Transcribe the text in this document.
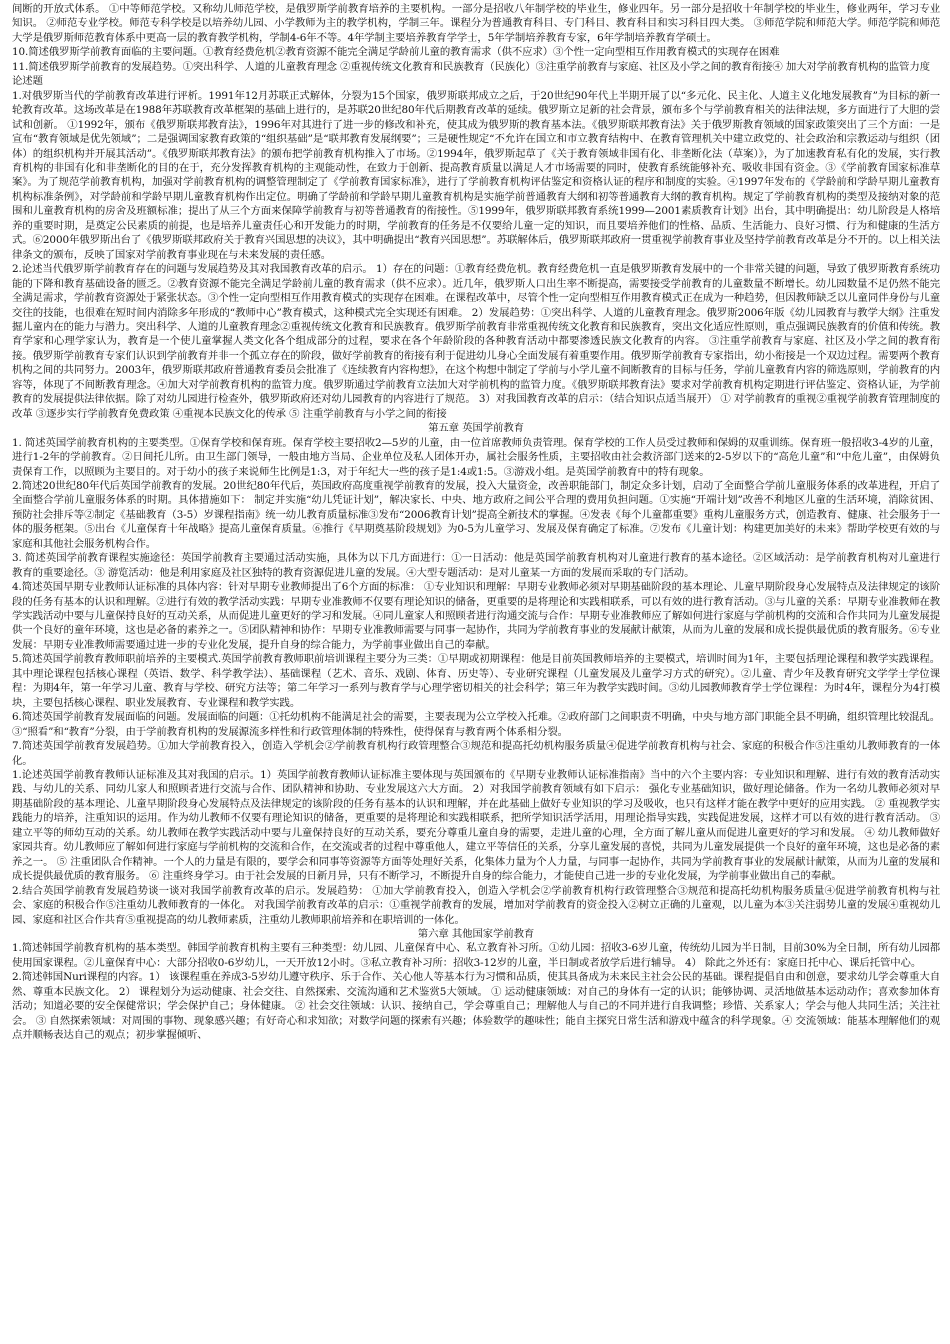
间断的开放式体系。 ①中等师范学校。又称幼儿师范学校，是俄罗斯学前教育培养的主要机构。一部分是招收八年制学校的毕业生，修业四年。另一部分是招收十年制学校的毕业生，修业两年，学习专业知识。 ②师范专业学校。师范专科学校是以培养幼儿园、小学教师为主的教学机构，学制三年。课程分为普通教育科目、专门科目、教育科目和实习科目四大类。 ③师范学院和师范大学。师范学院和师范大学是俄罗斯师范教育体系中更高一层的教育教学机构，学制4-6年不等。4年学制主要培养教育学学士，5年学制培养教育专家，6年学制培养教育学硕士。
10.简述俄罗斯学前教育面临的主要问题。①教育经费危机②教育资源不能完全满足学龄前儿童的教育需求（供不应求）③个性一定向型相互作用教育模式的实现存在困难
11.简述俄罗斯学前教育的发展趋势。①突出科学、人道的儿童教育理念 ②重视传统文化教育和民族教育（民族化）③注重学前教育与家庭、社区及小学之间的教育衔接④ 加大对学前教育机构的监管力度
论述题
1.对俄罗斯当代的学前教育改革进行评析。1991年12月苏联正式解体，分裂为15个国家，俄罗斯联邦成立之后，于20世纪90年代上半期开展了以“多元化、民主化、人道主义化地发展教育”为目标的新一轮教育改革。这场改革是在1988年苏联教育改革框架的基础上进行的，是苏联20世纪80年代后期教育改革的延续。俄罗斯立足新的社会背景，颁布多个与学前教育相关的法律法规，多方面进行了大胆的尝试和创新。 ①1992年，颁布《俄罗斯联邦教育法》，1996年对其进行了进一步的修改和补充，使其成为俄罗斯的教育基本法。《俄罗斯联邦教育法》关于俄罗斯教育领域的国家政策突出了三个方面：一是宣布“教育领域是优先领域”；二是强调国家教育政策的“组织基础”是“联邦教育发展纲要”；三是硬性规定“不允许在国立和市立教育结构中、在教育管理机关中建立政党的、社会政治和宗教运动与组织（团体）的组织机构并开展其活动”。《俄罗斯联邦教育法》的颁布把学前教育机构推入了市场。②1994年，俄罗斯起草了《关于教育领域非国有化、非垄断化法（草案）》，为了加速教育私有化的发展，实行教育机构的非国有化和非垄断化的目的在于，充分发挥教育机构的主观能动性，在致力于创新、提高教育质量以满足人才市场需要的同时，使教育系统能够补充、吸收非国有资金。③《学前教育国家标准草案》。为了规范学前教育机构，加强对学前教育机构的调整管理制定了《学前教育国家标准》，进行了学前教育机构评估鉴定和资格认证的程序和制度的实验。④1997年发布的《学龄前和学龄早期儿童教育机构标准条例》，对学龄前和学龄早期儿童教育机构作出定位。明确了学龄前和学龄早期儿童教育机构是实施学前普通教育大纲和初等普通教育大纲的教育机构。规定了学前教育机构的类型及接纳对象的范围和儿童教育机构的房舍及班额标准；提出了从三个方面来保障学前教育与初等普通教育的衔接性。⑤1999年，俄罗斯联邦教育系统1999—2001素质教育计划》出台，其中明确提出：幼儿阶段是人格培养的重要时期，是奠定公民素质的前提，也是培养儿童责任心和开发能力的时期，学前教育的任务是不仅要给儿童一定的知识，而且要培养他们的性格、品质、生活能力、良好习惯、行为和健康的生活方式。⑥2000年俄罗斯出台了《俄罗斯联邦政府关于教育兴国思想的决议》，其中明确提出“教育兴国思想”。苏联解体后，俄罗斯联邦政府一贯重视学前教育事业及坚持学前教育改革是分不开的。以上相关法律条文的颁布，反映了国家对学前教育事业现在与未来发展的责任感。
2.论述当代俄罗斯学前教育存在的问题与发展趋势及其对我国教育改革的启示。 1）存在的问题：①教育经费危机。教育经费危机一直是俄罗斯教育发展中的一个非常关键的问题，导致了俄罗斯教育系统功能的下降和教育基础设备的匮乏。②教育资源不能完全满足学龄前儿童的教育需求（供不应求）。近几年，俄罗斯人口出生率不断提高，需要接受学前教育的儿童数量不断增长。幼儿园数量不足仍然不能完全满足需求，学前教育资源处于紧张状态。③个性一定向型相互作用教育模式的实现存在困难。在课程改革中，尽管个性一定向型相互作用教育模式正在成为一种趋势，但因教师缺乏以儿童同伴身份与儿童交往的技能，也很难在短时间内消除多年形成的“教师中心”教育模式，这种模式完全实现还有困难。 2）发展趋势：①突出科学、人道的儿童教育理念。俄罗斯2006年版《幼儿园教育与教学大纲》注重发掘儿童内在的能力与潜力。突出科学、人道的儿童教育理念②重视传统文化教育和民族教育。俄罗斯学前教育非常重视传统文化教育和民族教育，突出文化适应性原则，重点强调民族教育的价值和传统。教育学家和心理学家认为，教育是一个使儿童掌握人类文化各个组成部分的过程，要求在各个年龄阶段的各种教育活动中都要渗透民族文化教育的内容。 ③注重学前教育与家庭、社区及小学之间的教育衔接。俄罗斯学前教育专家们认识到学前教育并非一个孤立存在的阶段，做好学前教育的衔接有利于促进幼儿身心全面发展有着重要作用。俄罗斯学前教育专家指出，幼小衔接是一个双边过程。需要两个教育机构之间的共同努力。2003年，俄罗斯联邦政府普通教育委员会批准了《连续教育内容构想》，在这个构想中制定了学前与小学儿童不间断教育的目标与任务，学前儿童教育内容的筛选原则，学前教育的内容等，体现了不间断教育理念。④加大对学前教育机构的监管力度。俄罗斯通过学前教育立法加大对学前机构的监管力度。《俄罗斯联邦教育法》要求对学前教育机构定期进行评估鉴定、资格认证，为学前教育的发展提供法律依据。除了对幼儿园进行检查外，俄罗斯政府还对幼儿园教育的内容进行了规范。 3）对我国教育改革的启示：（结合知识点适当展开） ① 对学前教育的重视②重视学前教育管理制度的改革 ③逐步实行学前教育免费政策 ④重视本民族文化的传承 ⑤ 注重学前教育与小学之间的衔接
第五章 英国学前教育
1. 简述英国学前教育机构的主要类型。①保育学校和保育班。保育学校主要招收2—5岁的儿童，由一位首席教师负责管理。保育学校的工作人员受过教师和保姆的双重训练。保育班一般招收3-4岁的儿童，进行1-2年的学前教育。②日间托儿所。由卫生部门领导，一般由地方当局、企业单位及私人团体开办，属社会服务性质，主要招收由社会救济部门送来的2-5岁以下的“高危儿童”和“中危儿童”，由保姆负责保育工作，以照顾为主要目的。对于幼小的孩子来说师生比例是1:3，对于年纪大一些的孩子是1:4或1:5。③游戏小组。是英国学前教育中的特有现象。
2.简述20世纪80年代后英国学前教育的发展。20世纪80年代后，英国政府高度重视学前教育的发展，投入大量资金，改善职能部门，制定众多计划，启动了全面整合学前儿童服务体系的改革进程，开启了全面整合学前儿童服务体系的时期。具体措施如下： 制定并实施“幼儿凭证计划”，解决家长、中央、地方政府之间公平合理的费用负担问题。①实施“开端计划”改善不利地区儿童的生活环境，消除贫困、预防社会排斥等②制定《基础教育（3-5）岁课程指南》统一幼儿教育质量标准③发布“2006教育计划”提高全新技术的掌握。④发表《每个儿童都重要》重构儿童服务方式，创造教育、健康、社会服务于一体的服务框架。⑤出台《儿童保育十年战略》提高儿童保育质量。⑥推行《早期奠基阶段规划》为0-5为儿童学习、发展及保育确定了标准。⑦发布《儿童计划：构建更加美好的未来》帮助学校更有效的与家庭和其他社会服务机构合作。
3. 简述英国学前教育课程实施途径：英国学前教育主要通过活动实施，具体为以下几方面进行：①一日活动：他是英国学前教育机构对儿童进行教育的基本途径。②区域活动：是学前教育机构对儿童进行教育的重要途径。③ 游览活动：他是利用家庭及社区独特的教育资源促进儿童的发展。④大型专题活动：是对儿童某一方面的发展而采取的专门活动。
4.简述英国早期专业教师认证标准的具体内容：针对早期专业教师提出了6个方面的标准： ①专业知识和理解：早期专业教师必须对早期基础阶段的基本理论、儿童早期阶段身心发展特点及法律规定的该阶段的任务有基本的认识和理解。②进行有效的教学活动实践：早期专业准教师不仅要有理论知识的储备，更重要的是将理论和实践相联系，可以有效的进行教育活动。③与儿童的关系：早期专业准教师在教学实践活动中要与儿童保持良好的互动关系，从而促进儿童更好的学习和发展。④同儿童家人和照顾者进行沟通交流与合作：早期专业准教师应了解如何进行家庭与学前机构的交流和合作共同为儿童发展提供一个良好的童年环境，这也是必备的素养之一。⑤团队精神和协作：早期专业准教师需要与同事一起协作，共同为学前教育事业的发展献计献策，从而为儿童的发展和成长提供最优质的教育服务。⑥专业发展：早期专业准教师需要通过进一步的专业化发展，提升自身的综合能力，为学前事业做出自己的奉献。
5.简述英国学前教育教师职前培养的主要模式.英国学前教育教师职前培训课程主要分为三类：①早期或初期课程：他是目前英国教师培养的主要模式，培训时间为1年，主要包括理论课程和教学实践课程。其中理论课程包括核心课程（英语、数学、科学教学法）、基础课程（艺术、音乐、戏剧、体育、历史等）、专业研究课程（儿童发展及儿童学习方式的研究）。②儿童、青少年及教育研究文学学士学位课程：为期4年，第一年学习儿童、教育与学校、研究方法等；第二年学习一系列与教育学与心理学密切相关的社会科学；第三年为教学实践时间。③幼儿园教师教育学士学位课程：为时4年，课程分为4打模块，主要包括核心课程、职业发展教育、专业课程和教学实践。
6.简述英国学前教育发展面临的问题。发展面临的问题：①托幼机构不能满足社会的需要，主要表现为公立学校入托难。②政府部门之间职责不明确，中央与地方部门职能全县不明确，组织管理比较混乱。③“照看”和“教育”分裂，由于学前教育机构的发展源流多样性和行政管理体制的特殊性，使得保育与教育两个体系相分裂。
7.简述英国学前教育发展趋势。①加大学前教育投入，创造入学机会②学前教育机构行政管理整合③规范和提高托幼机构服务质量④促进学前教育机构与社会、家庭的积极合作⑤注重幼儿教师教育的一体化。
1.论述英国学前教育教师认证标准及其对我国的启示。1）英国学前教育教师认证标准主要体现与英国颁布的《早期专业教师认证标准指南》当中的六个主要内容：专业知识和理解、进行有效的教育活动实践、与幼儿的关系、同幼儿家人和照顾者进行交流与合作、团队精神和协助、专业发展这六大方面。 2）对我国学前教育领域有如下启示： 强化专业基础知识，做好理论储备。作为一名幼儿教师必须对早期基础阶段的基本理论、儿童早期阶段身心发展特点及法律规定的该阶段的任务有基本的认识和理解，并在此基础上做好专业知识的学习及吸收，也只有这样才能在教学中更好的应用实践。 ② 重视教学实践能力的培养，注重知识的运用。作为幼儿教师不仅要有理论知识的储备，更重要的是将理论和实践相联系，把所学知识活学活用，用理论指导实践，实践促进发展，这样才可以有效的进行教育活动。 ③ 建立平等的师幼互动的关系。幼儿教师在教学实践活动中要与儿童保持良好的互动关系，要充分尊重儿童自身的需要，走进儿童的心理，全方面了解儿童从而促进儿童更好的学习和发展。 ④ 幼儿教师做好家园共育。幼儿教师应了解如何进行家庭与学前机构的交流和合作，在交流或者的过程中尊重他人，建立平等信任的关系，分享儿童发展的喜悦，共同为儿童发展提供一个良好的童年环境，这也是必备的素养之一。 ⑤ 注重团队合作精神。一个人的力量是有限的，要学会和同事等资源等方面等处理好关系，化集体力量为个人力量，与同事一起协作，共同为学前教育事业的发展献计献策，从而为儿童的发展和成长提供最优质的教育服务。 ⑥ 注重终身学习。由于社会发展的日新月异，只有不断学习，不断提升自身的综合能力，才能使自己进一步的专业化发展，为学前事业做出自己的奉献。
2.结合英国学前教育发展趋势谈一谈对我国学前教育改革的启示。发展趋势： ①加大学前教育投入，创造入学机会②学前教育机构行政管理整合③规范和提高托幼机构服务质量④促进学前教育机构与社会、家庭的积极合作⑤注重幼儿教师教育的一体化。 对我国学前教育改革的启示：①重视学前教育的发展，增加对学前教育的资金投入②树立正确的儿童观，以儿童为本③关注弱势儿童的发展④重视幼儿园、家庭和社区合作共育⑤重视提高的幼儿教师素质，注重幼儿教师职前培养和在职培训的一体化。
第六章 其他国家学前教育
1.简述韩国学前教育机构的基本类型。韩国学前教育机构主要有三种类型：幼儿园、儿童保育中心、私立教育补习所。①幼儿园：招收3-6岁儿童，传统幼儿园为半日制，目前30%为全日制，所有幼儿园都使用国家课程。②儿童保育中心：大部分招收0-6岁幼儿，一天开放12小时。③私立教育补习所：招收3-12岁的儿童，半日制或者放学后进行辅导。 4） 除此之外还有：家庭日托中心、课后托管中心。
2.简述韩国Nuri课程的内容。1） 该课程重在养成3-5岁幼儿遵守秩序、乐于合作、关心他人等基本行为习惯和品质，使其具备成为未来民主社会公民的基础。课程提倡自由和创意，要求幼儿学会尊重大自然、尊重本民族文化。 2） 课程划分为运动健康、社会交往、自然探索、交流沟通和艺术鉴赏5大领域。 ① 运动健康领域：对自己的身体有一定的认识；能够协调、灵活地做基本运动动作；喜欢参加体育活动；知道必要的安全保健常识；学会保护自己；身体健康。 ② 社会交往领域：认识、接纳自己，学会尊重自己；理解他人与自己的不同并进行自我调整；珍惜、关系家人；学会与他人共同生活；关注社会。 ③ 自然探索领域：对周围的事物、现象感兴趣；有好奇心和求知欲；对数学问题的探索有兴趣；体验数学的趣味性；能自主探究日常生活和游戏中蕴含的科学现象。④ 交流领域：能基本理解他们的观点并顺畅表达自己的观点；初步掌握倾听、
